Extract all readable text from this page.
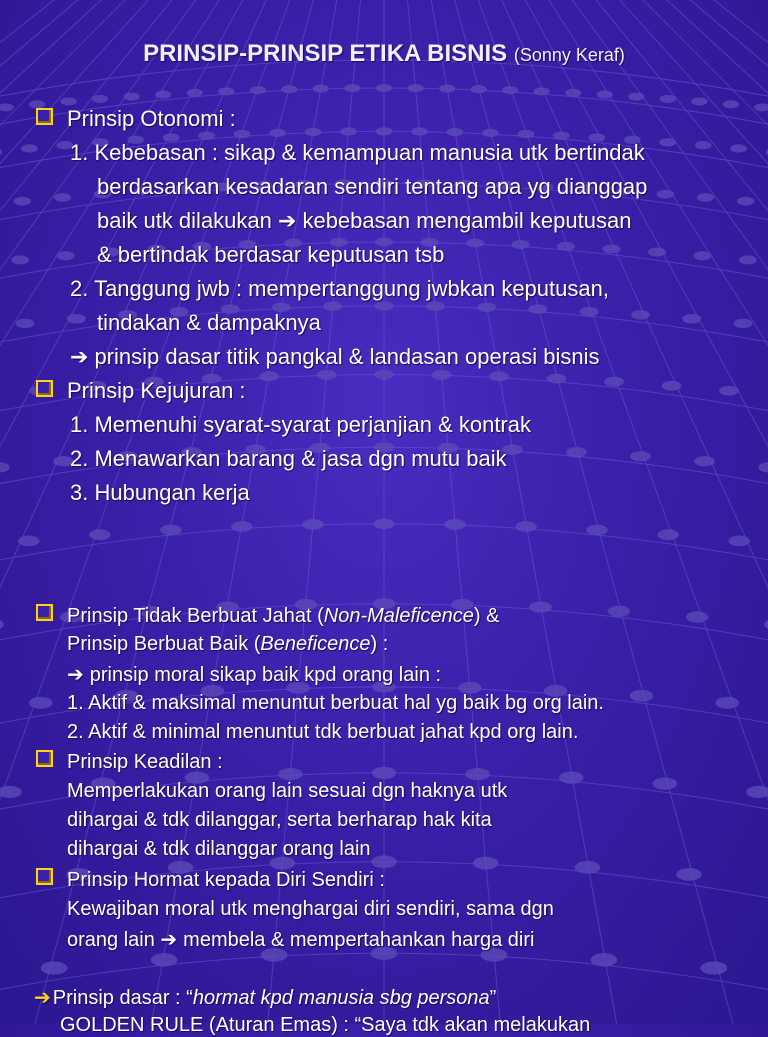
PRINSIP-PRINSIP ETIKA BISNIS (Sonny Keraf)
Prinsip Otonomi :
1. Kebebasan : sikap & kemampuan manusia utk bertindak
berdasarkan kesadaran sendiri tentang apa yg dianggap
baik utk dilakukan ➔ kebebasan mengambil keputusan
& bertindak berdasar keputusan tsb
2. Tanggung jwb : mempertanggung jwbkan keputusan,
tindakan & dampaknya
➔ prinsip dasar titik pangkal & landasan operasi bisnis
Prinsip Kejujuran :
1. Memenuhi syarat-syarat perjanjian & kontrak
2. Menawarkan barang & jasa dgn mutu baik
3. Hubungan kerja
Prinsip Tidak Berbuat Jahat (Non-Maleficence) &
Prinsip Berbuat Baik (Beneficence) :
➔ prinsip moral sikap baik kpd orang lain :
1. Aktif & maksimal menuntut berbuat hal yg baik bg org lain.
2. Aktif & minimal menuntut tdk berbuat jahat kpd org lain.
Prinsip Keadilan :
Memperlakukan orang lain sesuai dgn haknya utk
dihargai & tdk dilanggar, serta berharap hak kita
dihargai & tdk dilanggar orang lain
Prinsip Hormat kepada Diri Sendiri :
Kewajiban moral utk menghargai diri sendiri, sama dgn
orang lain ➔ membela & mempertahankan harga diri
➔ Prinsip dasar : “hormat kpd manusia sbg persona”
GOLDEN RULE (Aturan Emas) : “Saya tdk akan melakukan
